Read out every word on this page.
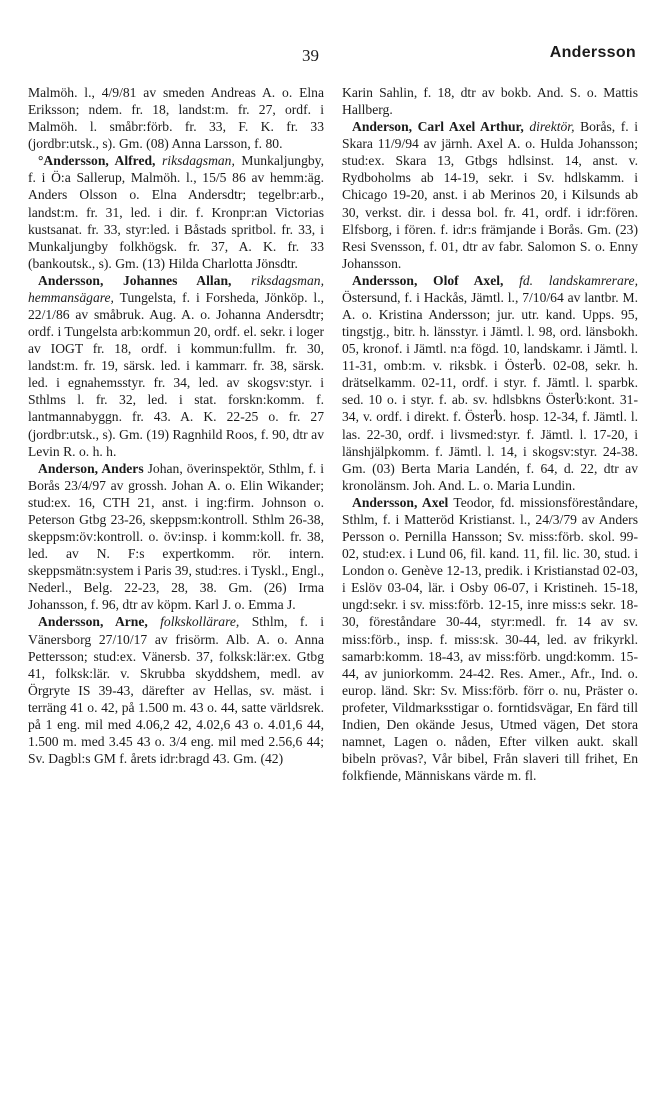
39	Andersson

Malmöh. l., 4/9/81 av smeden Andreas A. o. Elna Eriksson; ndem. fr. 18, landst:m. fr. 27, ordf. i Malmöh. l. småbr:förb. fr. 33, F. K. fr. 33 (jordbr:utsk., s). Gm. (08) Anna Larsson, f. 80.

°Andersson, Alfred, riksdagsman, Munkaljungby, f. i Ö:a Sallerup, Malmöh. l., 15/5 86 av hemm:äg. Anders Olsson o. Elna Andersdtr; tegelbr:arb., landst:m. fr. 31, led. i dir. f. Kronpr:an Victorias kustsanat. fr. 33, styr:led. i Båstads spritbol. fr. 33, i Munkaljungby folkhögsk. fr. 37, A. K. fr. 33 (bankoutsk., s). Gm. (13) Hilda Charlotta Jönsdtr.

Andersson, Johannes Allan, riksdagsman, hemmansägare, Tungelsta, f. i Forsheda, Jönköp. l., 22/1/86 av småbruk. Aug. A. o. Johanna Andersdtr; ordf. i Tungelsta arb:kommun 20, ordf. el. sekr. i loger av IOGT fr. 18, ordf. i kommun:fullm. fr. 30, landst:m. fr. 19, särsk. led. i kammarr. fr. 38, särsk. led. i egnahemsstyr. fr. 34, led. av skogsv:styr. i Sthlms l. fr. 32, led. i stat. forskn:komm. f. lantmannabyggn. fr. 43. A. K. 22-25 o. fr. 27 (jordbr:utsk., s). Gm. (19) Ragnhild Roos, f. 90, dtr av Levin R. o. h. h.

Anderson, Anders Johan, överinspektör, Sthlm, f. i Borås 23/4/97 av grossh. Johan A. o. Elin Wikander; stud:ex. 16, CTH 21, anst. i ing:firm. Johnson o. Peterson Gtbg 23-26, skeppsm:kontroll. Sthlm 26-38, skeppsm:öv:kontroll. o. öv:insp. i komm:koll. fr. 38, led. av N. F:s expertkomm. rör. intern. skeppsmätn:system i Paris 39, stud:res. i Tyskl., Engl., Nederl., Belg. 22-23, 28, 38. Gm. (26) Irma Johansson, f. 96, dtr av köpm. Karl J. o. Emma J.

Andersson, Arne, folkskollärare, Sthlm, f. i Vänersborg 27/10/17 av frisörm. Alb. A. o. Anna Pettersson; stud:ex. Vänersb. 37, folksk:lär:ex. Gtbg 41, folksk:lär. v. Skrubba skyddshem, medl. av Örgryte IS 39-43, därefter av Hellas, sv. mäst. i terräng 41 o. 42, på 1.500 m. 43 o. 44, satte världsrek. på 1 eng. mil med 4.06,2 42, 4.02,6 43 o. 4.01,6 44, 1.500 m. med 3.45 43 o. 3/4 eng. mil med 2.56,6 44; Sv. Dagbl:s GM f. årets idr:bragd 43. Gm. (42)

Karin Sahlin, f. 18, dtr av bokb. And. S. o. Mattis Hallberg.

Anderson, Carl Axel Arthur, direktör, Borås, f. i Skara 11/9/94 av järnh. Axel A. o. Hulda Johansson; stud:ex. Skara 13, Gtbgs hdlsinst. 14, anst. v. Rydboholms ab 14-19, sekr. i Sv. hdlskamm. i Chicago 19-20, anst. i ab Merinos 20, i Kilsunds ab 30, verkst. dir. i dessa bol. fr. 41, ordf. i idr:fören. Elfsborg, i fören. f. idr:s främjande i Borås. Gm. (23) Resi Svensson, f. 01, dtr av fabr. Salomon S. o. Enny Johansson.

Andersson, Olof Axel, fd. landskamrerare, Östersund, f. i Hackås, Jämtl. l., 7/10/64 av lantbr. M. A. o. Kristina Andersson; jur. utr. kand. Upps. 95, tingstjg., bitr. h. länsstyr. i Jämtl. l. 98, ord. länsbokh. 05, kronof. i Jämtl. n:a fögd. 10, landskamr. i Jämtl. l. 11-31, omb:m. v. riksbk. i Österს. 02-08, sekr. h. drätselkamm. 02-11, ordf. i styr. f. Jämtl. l. sparbk. sed. 10 o. i styr. f. ab. sv. hdlsbkns Österს:kont. 31-34, v. ordf. i direkt. f. Österს. hosp. 12-34, f. Jämtl. l. las. 22-30, ordf. i livsmed:styr. f. Jämtl. l. 17-20, i länshjälpkomm. f. Jämtl. l. 14, i skogsv:styr. 24-38. Gm. (03) Berta Maria Landén, f. 64, d. 22, dtr av kronolänsm. Joh. And. L. o. Maria Lundin.

Andersson, Axel Teodor, fd. missionsföreståndare, Sthlm, f. i Matteröd Kristianst. l., 24/3/79 av Anders Persson o. Pernilla Hansson; Sv. miss:förb. skol. 99-02, stud:ex. i Lund 06, fil. kand. 11, fil. lic. 30, stud. i London o. Genève 12-13, predik. i Kristianstad 02-03, i Eslöv 03-04, lär. i Osby 06-07, i Kristineh. 15-18, ungd:sekr. i sv. miss:förb. 12-15, inre miss:s sekr. 18-30, föreståndare 30-44, styr:medl. fr. 14 av sv. miss:förb., insp. f. miss:sk. 30-44, led. av frikyrkl. samarb:komm. 18-43, av miss:förb. ungd:komm. 15-44, av juniorkomm. 24-42. Res. Amer., Afr., Ind. o. europ. länd. Skr: Sv. Miss:förb. förr o. nu, Präster o. profeter, Vildmarksstigar o. forntidsvägar, En färd till Indien, Den okände Jesus, Utmed vägen, Det stora namnet, Lagen o. nåden, Efter vilken aukt. skall bibeln prövas?, Vår bibel, Från slaveri till frihet, En folkfiende, Människans värde m. fl.
